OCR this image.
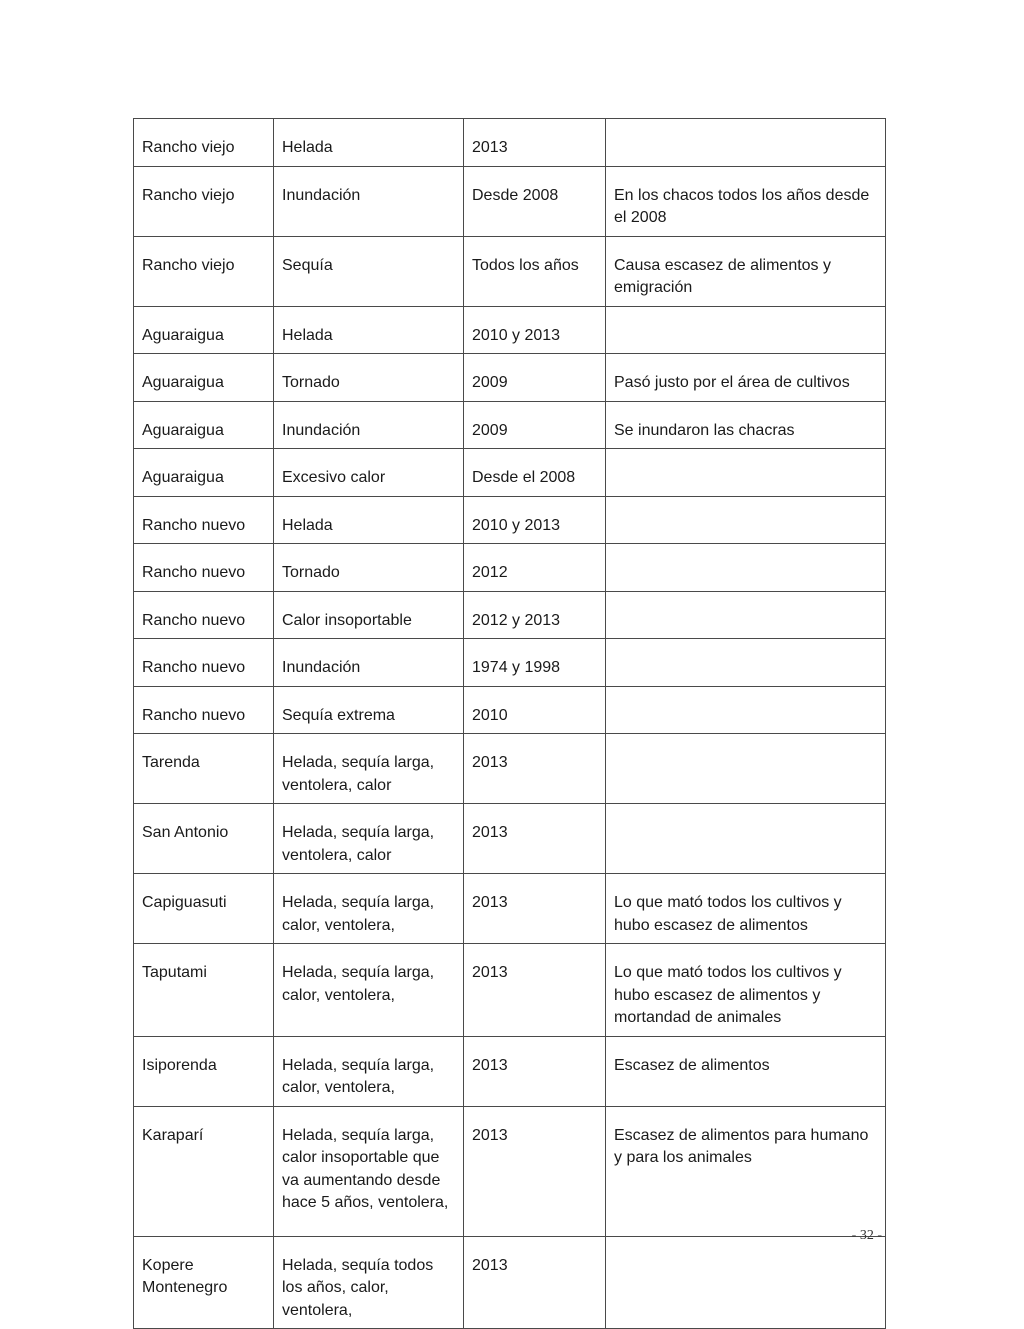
Rancho viejo	Helada	2013	
Rancho viejo	Inundación	Desde 2008	En los chacos todos los años desde el 2008
Rancho viejo	Sequía	Todos los años	Causa escasez de alimentos y emigración
Aguaraigua	Helada	2010 y 2013	
Aguaraigua	Tornado	2009	Pasó justo por el área de cultivos
Aguaraigua	Inundación	2009	Se inundaron las chacras
Aguaraigua	Excesivo calor	Desde el 2008	
Rancho nuevo	Helada	2010 y 2013	
Rancho nuevo	Tornado	2012	
Rancho nuevo	Calor insoportable	2012 y 2013	
Rancho nuevo	Inundación	1974 y 1998	
Rancho nuevo	Sequía extrema	2010	
Tarenda	Helada, sequía larga, ventolera, calor	2013	
San Antonio	Helada, sequía larga, ventolera, calor	2013	
Capiguasuti	Helada, sequía larga, calor, ventolera,	2013	Lo que mató todos los cultivos y hubo escasez de alimentos
Taputami	Helada, sequía larga, calor, ventolera,	2013	Lo que mató todos los cultivos y hubo escasez de alimentos y mortandad de animales
Isiporenda	Helada, sequía larga, calor, ventolera,	2013	Escasez de alimentos
Karaparí	Helada, sequía larga, calor insoportable que va aumentando desde hace 5 años, ventolera,	2013	Escasez de alimentos para humano y para los animales
Kopere Montenegro	Helada, sequía todos los años, calor, ventolera,	2013	
- 32 -
